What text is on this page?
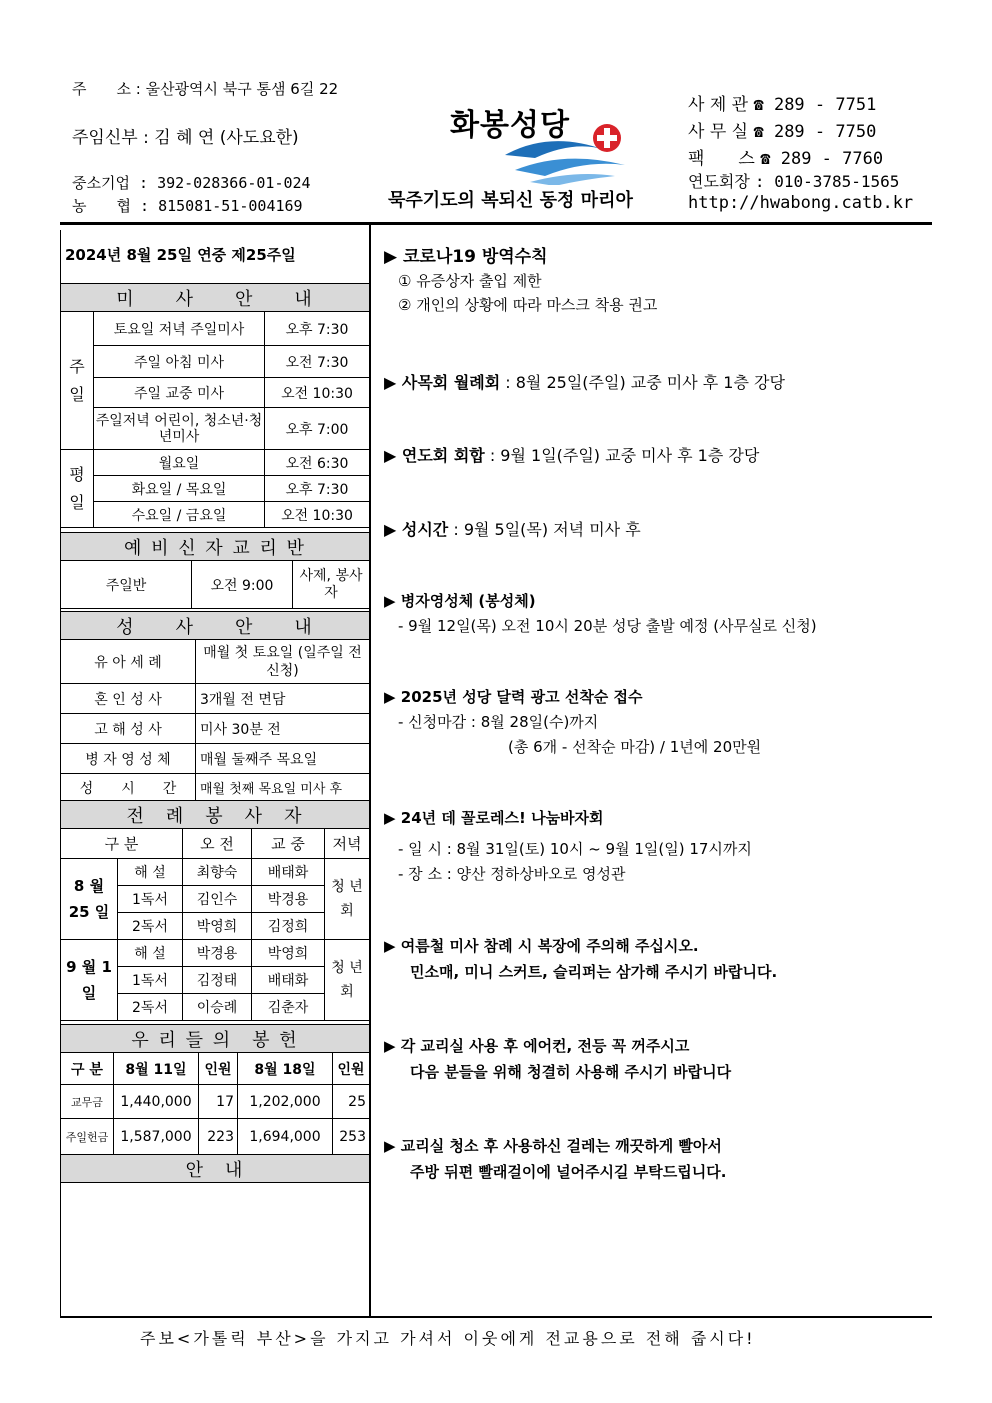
주　　소 : 울산광역시 북구 통샘 6길 22
주임신부 : 김 혜 연 (사도요한)
중소기업 : 392-028366-01-024
농　　협 : 815081-51-004169
화봉성당
묵주기도의 복되신 동정 마리아
사 제 관 ☎ 289 - 7751
사 무 실 ☎ 289 - 7750
팩　　스 ☎ 289 - 7760
연도회장 : 010-3785-1565
http://hwabong.catb.kr
2024년 8월 25일 연중 제25주일
미　　사　　안　　내		
주
일	토요일 저녁 주일미사	오후 7:30
	주일 아침 미사	오전 7:30
	주일 교중 미사	오전 10:30
	주일저녁 어린이, 청소년·청년미사	오후 7:00
평
일	월요일	오전 6:30
	화요일 / 목요일	오후 7:30
	수요일 / 금요일	오전 10:30
예 비 신 자 교 리 반
주일반	오전 9:00	사제, 봉사자
성　　사　　안　　내	
유 아 세 례	매월 첫 토요일 (일주일 전 신청)
혼 인 성 사	3개월 전 면담
고 해 성 사	미사 30분 전
병 자 영 성 체	매월 둘째주 목요일
성　　시　　간	매월 첫째 목요일 미사 후
전　례　봉　사　자				
구 분		오 전	교 중	저녁
8 월 25 일	해 설	최향숙	배태화	청 년 회
	1독서	김인수	박경용	
	2독서	박영희	김정희	
9 월 1 일	해 설	박경용	박영희	청 년 회
	1독서	김정태	배태화	
	2독서	이승례	김춘자	
우 리 들 의　봉 헌				
구 분	8월 11일	인원	8월 18일	인원
교무금	1,440,000	17	1,202,000	25
주일헌금	1,587,000	223	1,694,000	253
안　내				
▶ 코로나19 방역수칙
① 유증상자 출입 제한
② 개인의 상황에 따라 마스크 착용 권고
▶ 사목회 월례회 : 8월 25일(주일) 교중 미사 후 1층 강당
▶ 연도회 회합 : 9월 1일(주일) 교중 미사 후 1층 강당
▶ 성시간 : 9월 5일(목) 저녁 미사 후
▶ 병자영성체 (봉성체)
- 9월 12일(목) 오전 10시 20분 성당 출발 예정 (사무실로 신청)
▶ 2025년 성당 달력 광고 선착순 접수
- 신청마감 : 8월 28일(수)까지
(총 6개 - 선착순 마감) / 1년에 20만원
▶ 24년 데 꼴로레스! 나눔바자회
- 일 시 : 8월 31일(토) 10시 ~ 9월 1일(일) 17시까지
- 장 소 : 양산 정하상바오로 영성관
▶ 여름철 미사 참례 시 복장에 주의해 주십시오.
민소매, 미니 스커트, 슬리퍼는 삼가해 주시기 바랍니다.
▶ 각 교리실 사용 후 에어컨, 전등 꼭 꺼주시고
다음 분들을 위해 청결히 사용해 주시기 바랍니다
▶ 교리실 청소 후 사용하신 걸레는 깨끗하게 빨아서
주방 뒤편 빨래걸이에 널어주시길 부탁드립니다.
주보<가톨릭 부산>을 가지고 가셔서 이웃에게 전교용으로 전해 줍시다!
